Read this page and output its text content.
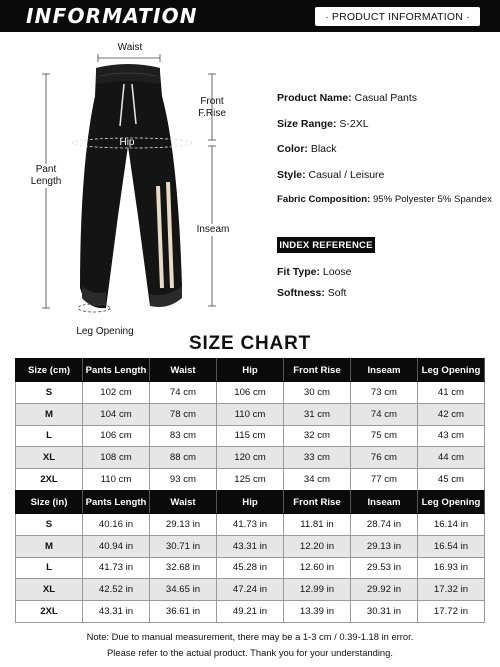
INFORMATION	· PRODUCT INFORMATION ·
Waist
Front
F.Rise
Hip
Pant
Length
Inseam
Leg Opening
Product Name: Casual Pants
Size Range: S-2XL
Color: Black
Style: Casual / Leisure
Fabric Composition: 95% Polyester 5% Spandex
INDEX REFERENCE
Fit Type: Loose
Softness: Soft
SIZE CHART
Size (cm)	Pants Length	Waist	Hip	Front Rise	Inseam	Leg Opening
S	102 cm	74 cm	106 cm	30 cm	73 cm	41 cm
M	104 cm	78 cm	110 cm	31 cm	74 cm	42 cm
L	106 cm	83 cm	115 cm	32 cm	75 cm	43 cm
XL	108 cm	88 cm	120 cm	33 cm	76 cm	44 cm
2XL	110 cm	93 cm	125 cm	34 cm	77 cm	45 cm
Size (in)	Pants Length	Waist	Hip	Front Rise	Inseam	Leg Opening
S	40.16 in	29.13 in	41.73 in	11.81 in	28.74 in	16.14 in
M	40.94 in	30.71 in	43.31 in	12.20 in	29.13 in	16.54 in
L	41.73 in	32.68 in	45.28 in	12.60 in	29.53 in	16.93 in
XL	42.52 in	34.65 in	47.24 in	12.99 in	29.92 in	17.32 in
2XL	43.31 in	36.61 in	49.21 in	13.39 in	30.31 in	17.72 in
Note: Due to manual measurement, there may be a 1-3 cm / 0.39-1.18 in error.
Please refer to the actual product. Thank you for your understanding.
